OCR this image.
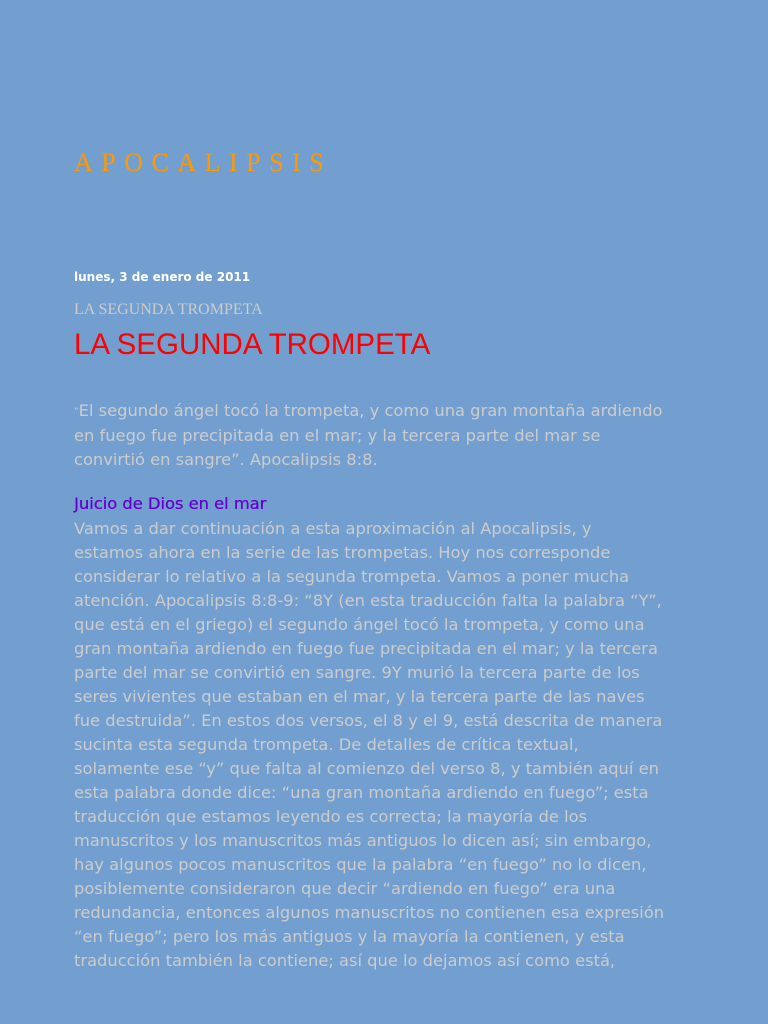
APOCALIPSIS
lunes, 3 de enero de 2011
LA SEGUNDA TROMPETA
LA SEGUNDA TROMPETA

“El segundo ángel tocó la trompeta, y como una gran montaña ardiendo
en fuego fue precipitada en el mar; y la tercera parte del mar se
convirtió en sangre”. Apocalipsis 8:8.

Juicio de Dios en el mar
Vamos a dar continuación a esta aproximación al Apocalipsis, y
estamos ahora en la serie de las trompetas. Hoy nos corresponde
considerar lo relativo a la segunda trompeta. Vamos a poner mucha
atención. Apocalipsis 8:8-9: “8Y (en esta traducción falta la palabra “Y”,
que está en el griego) el segundo ángel tocó la trompeta, y como una
gran montaña ardiendo en fuego fue precipitada en el mar; y la tercera
parte del mar se convirtió en sangre. 9Y murió la tercera parte de los
seres vivientes que estaban en el mar, y la tercera parte de las naves
fue destruida”. En estos dos versos, el 8 y el 9, está descrita de manera
sucinta esta segunda trompeta. De detalles de crítica textual,
solamente ese “y” que falta al comienzo del verso 8, y también aquí en
esta palabra donde dice: “una gran montaña ardiendo en fuego”; esta
traducción que estamos leyendo es correcta; la mayoría de los
manuscritos y los manuscritos más antiguos lo dicen así; sin embargo,
hay algunos pocos manuscritos que la palabra “en fuego” no lo dicen,
posiblemente consideraron que decir “ardiendo en fuego” era una
redundancia, entonces algunos manuscritos no contienen esa expresión
“en fuego”; pero los más antiguos y la mayoría la contienen, y esta
traducción también la contiene; así que lo dejamos así como está,
